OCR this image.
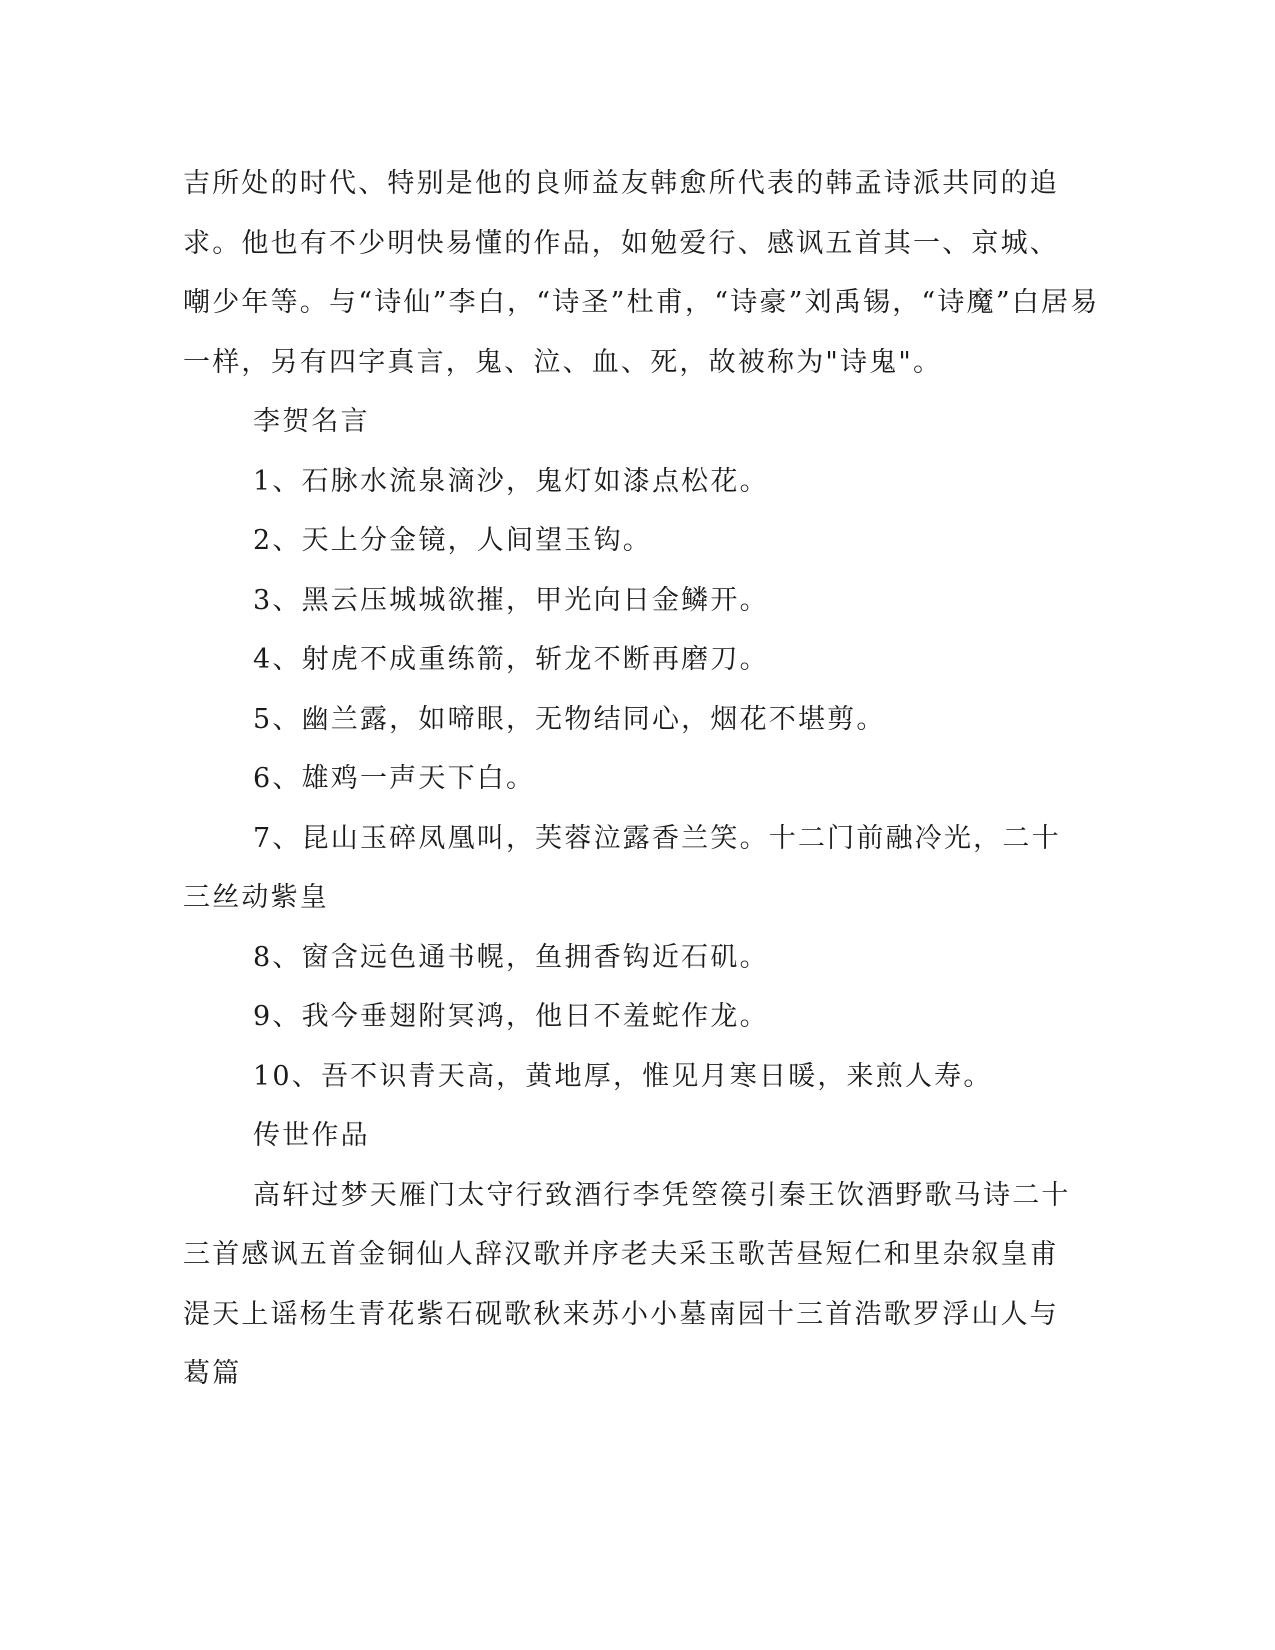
吉所处的时代、特别是他的良师益友韩愈所代表的韩孟诗派共同的追
求。他也有不少明快易懂的作品，如勉爱行、感讽五首其一、京城、
嘲少年等。与“诗仙”李白，“诗圣”杜甫，“诗豪”刘禹锡，“诗魔”白居易
一样，另有四字真言，鬼、泣、血、死，故被称为"诗鬼"。
李贺名言
1、石脉水流泉滴沙，鬼灯如漆点松花。
2、天上分金镜，人间望玉钩。
3、黑云压城城欲摧，甲光向日金鳞开。
4、射虎不成重练箭，斩龙不断再磨刀。
5、幽兰露，如啼眼，无物结同心，烟花不堪剪。
6、雄鸡一声天下白。
7、昆山玉碎凤凰叫，芙蓉泣露香兰笑。十二门前融冷光，二十
三丝动紫皇
8、窗含远色通书幌，鱼拥香钩近石矶。
9、我今垂翅附冥鸿，他日不羞蛇作龙。
10、吾不识青天高，黄地厚，惟见月寒日暖，来煎人寿。
传世作品
高轩过梦天雁门太守行致酒行李凭箜篌引秦王饮酒野歌马诗二十
三首感讽五首金铜仙人辞汉歌并序老夫采玉歌苦昼短仁和里杂叙皇甫
湜天上谣杨生青花紫石砚歌秋来苏小小墓南园十三首浩歌罗浮山人与
葛篇
